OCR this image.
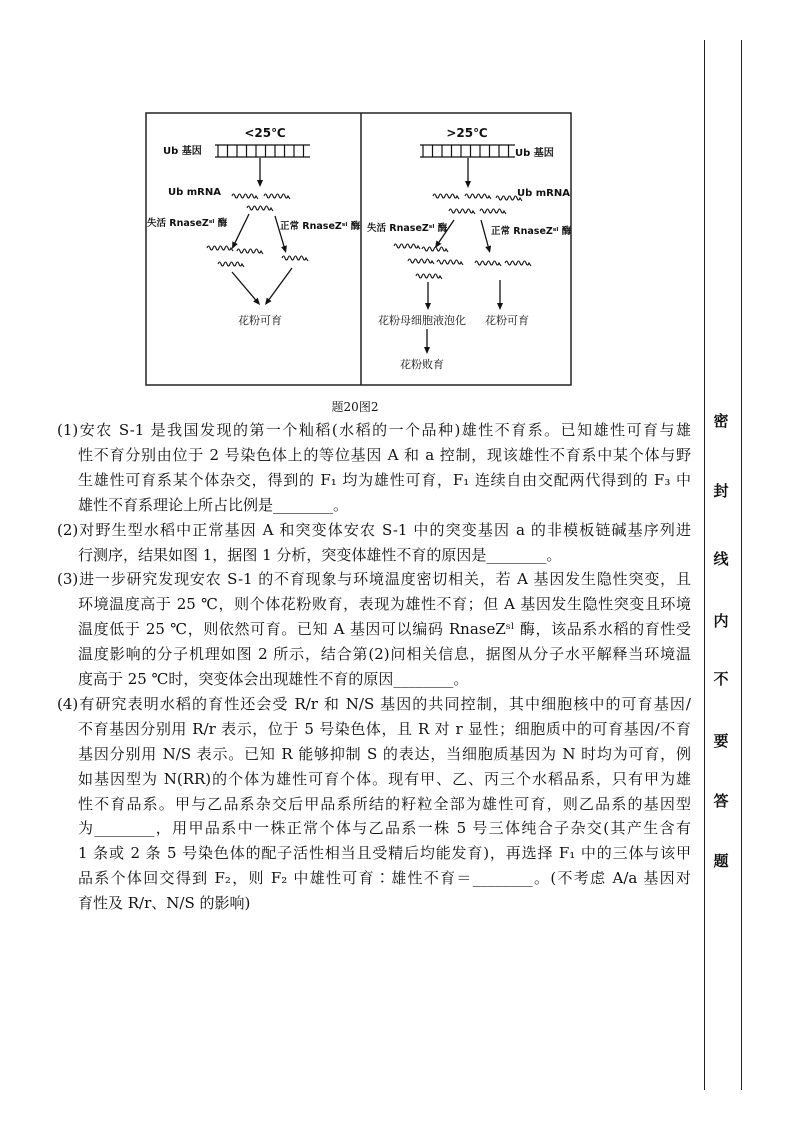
<25℃
Ub 基因
Ub mRNA
失活 RnaseZˢˡ 酶	正常 RnaseZˢˡ 酶
花粉可育
>25℃
Ub 基因
Ub mRNA
失活 RnaseZˢˡ 酶	正常 RnaseZˢˡ 酶
花粉母细胞液泡化 花粉可育
花粉败育
题20图2
(1)安农 S-1 是我国发现的第一个籼稻(水稻的一个品种)雄性不育系。已知雄性可育与雄
性不育分别由位于 2 号染色体上的等位基因 A 和 a 控制，现该雄性不育系中某个体与野
生雄性可育系某个体杂交，得到的 F₁ 均为雄性可育，F₁ 连续自由交配两代得到的 F₃ 中
雄性不育系理论上所占比例是________。
(2)对野生型水稻中正常基因 A 和突变体安农 S-1 中的突变基因 a 的非模板链碱基序列进
行测序，结果如图 1，据图 1 分析，突变体雄性不育的原因是________。
(3)进一步研究发现安农 S-1 的不育现象与环境温度密切相关，若 A 基因发生隐性突变，且
环境温度高于 25 ℃，则个体花粉败育，表现为雄性不育；但 A 基因发生隐性突变且环境
温度低于 25 ℃，则依然可育。已知 A 基因可以编码 RnaseZˢˡ 酶，该品系水稻的育性受
温度影响的分子机理如图 2 所示，结合第(2)问相关信息，据图从分子水平解释当环境温
度高于 25 ℃时，突变体会出现雄性不育的原因________。
(4)有研究表明水稻的育性还会受 R/r 和 N/S 基因的共同控制，其中细胞核中的可育基因/
不育基因分别用 R/r 表示，位于 5 号染色体，且 R 对 r 显性；细胞质中的可育基因/不育
基因分别用 N/S 表示。已知 R 能够抑制 S 的表达，当细胞质基因为 N 时均为可育，例
如基因型为 N(RR)的个体为雄性可育个体。现有甲、乙、丙三个水稻品系，只有甲为雄
性不育品系。甲与乙品系杂交后甲品系所结的籽粒全部为雄性可育，则乙品系的基因型
为________，用甲品系中一株正常个体与乙品系一株 5 号三体纯合子杂交(其产生含有
1 条或 2 条 5 号染色体的配子活性相当且受精后均能发育)，再选择 F₁ 中的三体与该甲
品系个体回交得到 F₂，则 F₂ 中雄性可育∶雄性不育＝________。(不考虑 A/a 基因对
育性及 R/r、N/S 的影响)
密
封
线
内
不
要
答
题
